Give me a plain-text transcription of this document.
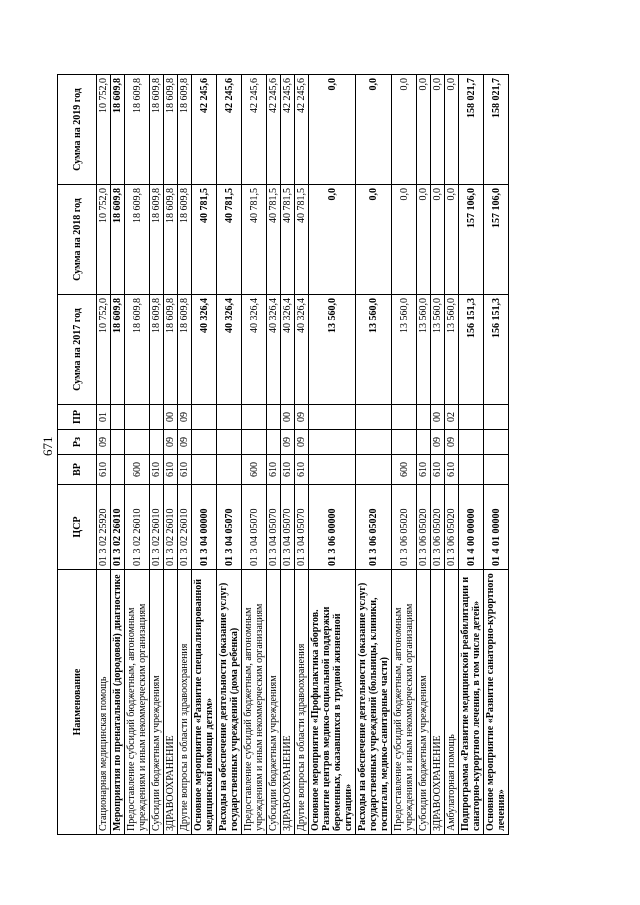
671
Наименование	ЦСР	ВР	Рз	ПР	Сумма на 2017 год	Сумма на 2018 год	Сумма на 2019 год
Стационарная медицинская помощь	01 3 02 25920	610	09	01	10 752,0	10 752,0	10 752,0
Мероприятия по пренатальной (дородовой) диагностике	01 3 02 26010				18 609,8	18 609,8	18 609,8
Предоставление субсидий бюджетным, автономным учреждениям и иным некоммерческим организациям	01 3 02 26010	600			18 609,8	18 609,8	18 609,8
Субсидии бюджетным учреждениям	01 3 02 26010	610			18 609,8	18 609,8	18 609,8
ЗДРАВООХРАНЕНИЕ	01 3 02 26010	610	09	00	18 609,8	18 609,8	18 609,8
Другие вопросы в области здравоохранения	01 3 02 26010	610	09	09	18 609,8	18 609,8	18 609,8
Основное мероприятие «Развитие специализированной медицинской помощи детям»	01 3 04 00000				40 326,4	40 781,5	42 245,6
Расходы на обеспечение деятельности (оказание услуг) государственных учреждений (дома ребенка)	01 3 04 05070				40 326,4	40 781,5	42 245,6
Предоставление субсидий бюджетным, автономным учреждениям и иным некоммерческим организациям	01 3 04 05070	600			40 326,4	40 781,5	42 245,6
Субсидии бюджетным учреждениям	01 3 04 05070	610			40 326,4	40 781,5	42 245,6
ЗДРАВООХРАНЕНИЕ	01 3 04 05070	610	09	00	40 326,4	40 781,5	42 245,6
Другие вопросы в области здравоохранения	01 3 04 05070	610	09	09	40 326,4	40 781,5	42 245,6
Основное мероприятие «Профилактика абортов. Развитие центров медико-социальной поддержки беременных, оказавшихся в трудной жизненной ситуации»	01 3 06 00000				13 560,0	0,0	0,0
Расходы на обеспечение деятельности (оказание услуг) государственных учреждений (больницы, клиники, госпитали, медико-санитарные части)	01 3 06 05020				13 560,0	0,0	0,0
Предоставление субсидий бюджетным, автономным учреждениям и иным некоммерческим организациям	01 3 06 05020	600			13 560,0	0,0	0,0
Субсидии бюджетным учреждениям	01 3 06 05020	610			13 560,0	0,0	0,0
ЗДРАВООХРАНЕНИЕ	01 3 06 05020	610	09	00	13 560,0	0,0	0,0
Амбулаторная помощь	01 3 06 05020	610	09	02	13 560,0	0,0	0,0
Подпрограмма «Развитие медицинской реабилитации и санаторно-курортного лечения, в том числе детей»	01 4 00 00000				156 151,3	157 106,0	158 021,7
Основное мероприятие «Развитие санаторно-курортного лечения»	01 4 01 00000				156 151,3	157 106,0	158 021,7
